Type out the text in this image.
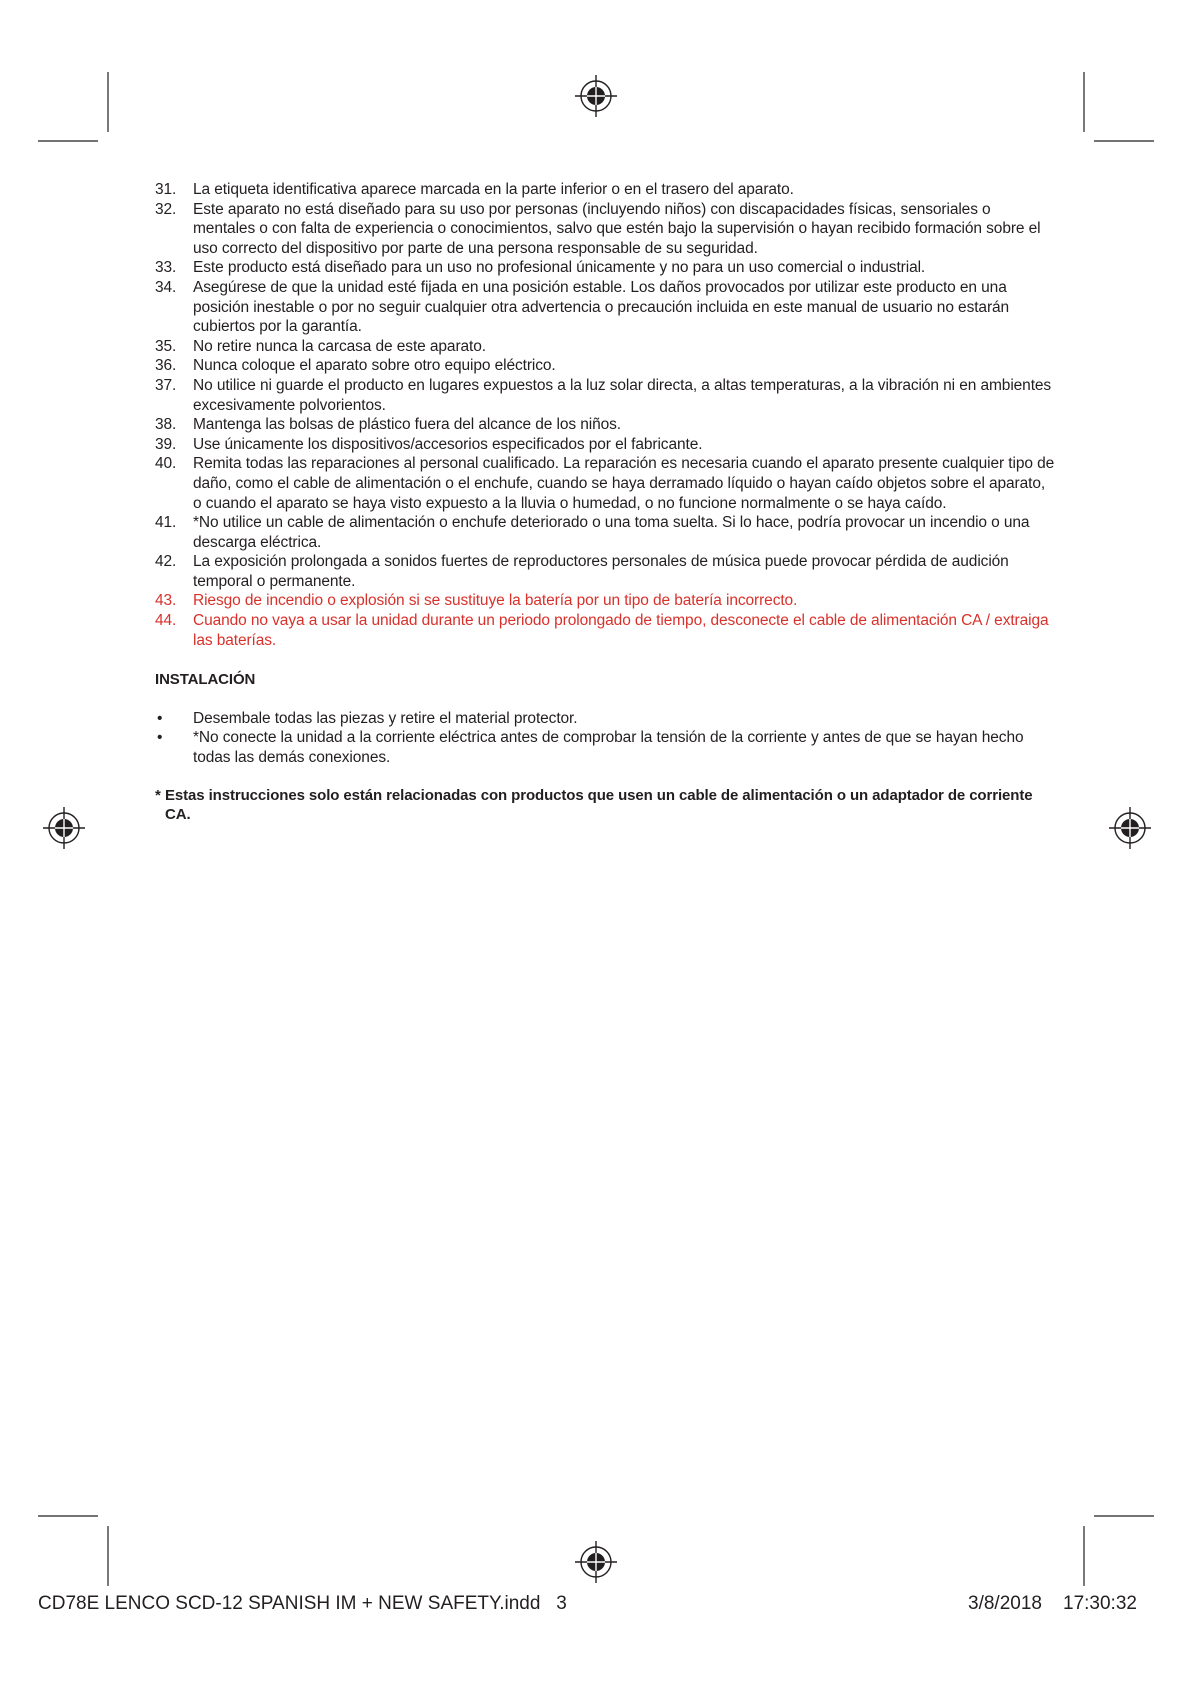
31.	La etiqueta identificativa aparece marcada en la parte inferior o en el trasero del aparato.
32.	Este aparato no está diseñado para su uso por personas (incluyendo niños) con discapacidades físicas, sensoriales o mentales o con falta de experiencia o conocimientos, salvo que estén bajo la supervisión o hayan recibido formación sobre el uso correcto del dispositivo por parte de una persona responsable de su seguridad.
33.	Este producto está diseñado para un uso no profesional únicamente y no para un uso comercial o industrial.
34.	Asegúrese de que la unidad esté fijada en una posición estable. Los daños provocados por utilizar este producto en una posición inestable o por no seguir cualquier otra advertencia o precaución incluida en este manual de usuario no estarán cubiertos por la garantía.
35.	No retire nunca la carcasa de este aparato.
36.	Nunca coloque el aparato sobre otro equipo eléctrico.
37.	No utilice ni guarde el producto en lugares expuestos a la luz solar directa, a altas temperaturas, a la vibración ni en ambientes excesivamente polvorientos.
38.	Mantenga las bolsas de plástico fuera del alcance de los niños.
39.	Use únicamente los dispositivos/accesorios especificados por el fabricante.
40.	Remita todas las reparaciones al personal cualificado. La reparación es necesaria cuando el aparato presente cualquier tipo de daño, como el cable de alimentación o el enchufe, cuando se haya derramado líquido o hayan caído objetos sobre el aparato, o cuando el aparato se haya visto expuesto a la lluvia o humedad, o no funcione normalmente o se haya caído.
41.	*No utilice un cable de alimentación o enchufe deteriorado o una toma suelta. Si lo hace, podría provocar un incendio o una descarga eléctrica.
42.	La exposición prolongada a sonidos fuertes de reproductores personales de música puede provocar pérdida de audición temporal o permanente.
43.	Riesgo de incendio o explosión si se sustituye la batería por un tipo de batería incorrecto.
44.	Cuando no vaya a usar la unidad durante un periodo prolongado de tiempo, desconecte el cable de alimentación CA / extraiga las baterías.
INSTALACIÓN
•	Desembale todas las piezas y retire el material protector.
•	*No conecte la unidad a la corriente eléctrica antes de comprobar la tensión de la corriente y antes de que se hayan hecho todas las demás conexiones.
* Estas instrucciones solo están relacionadas con productos que usen un cable de alimentación o un adaptador de corriente CA.
CD78E LENCO SCD-12 SPANISH IM + NEW SAFETY.indd   3	3/8/2018 17:30:32
